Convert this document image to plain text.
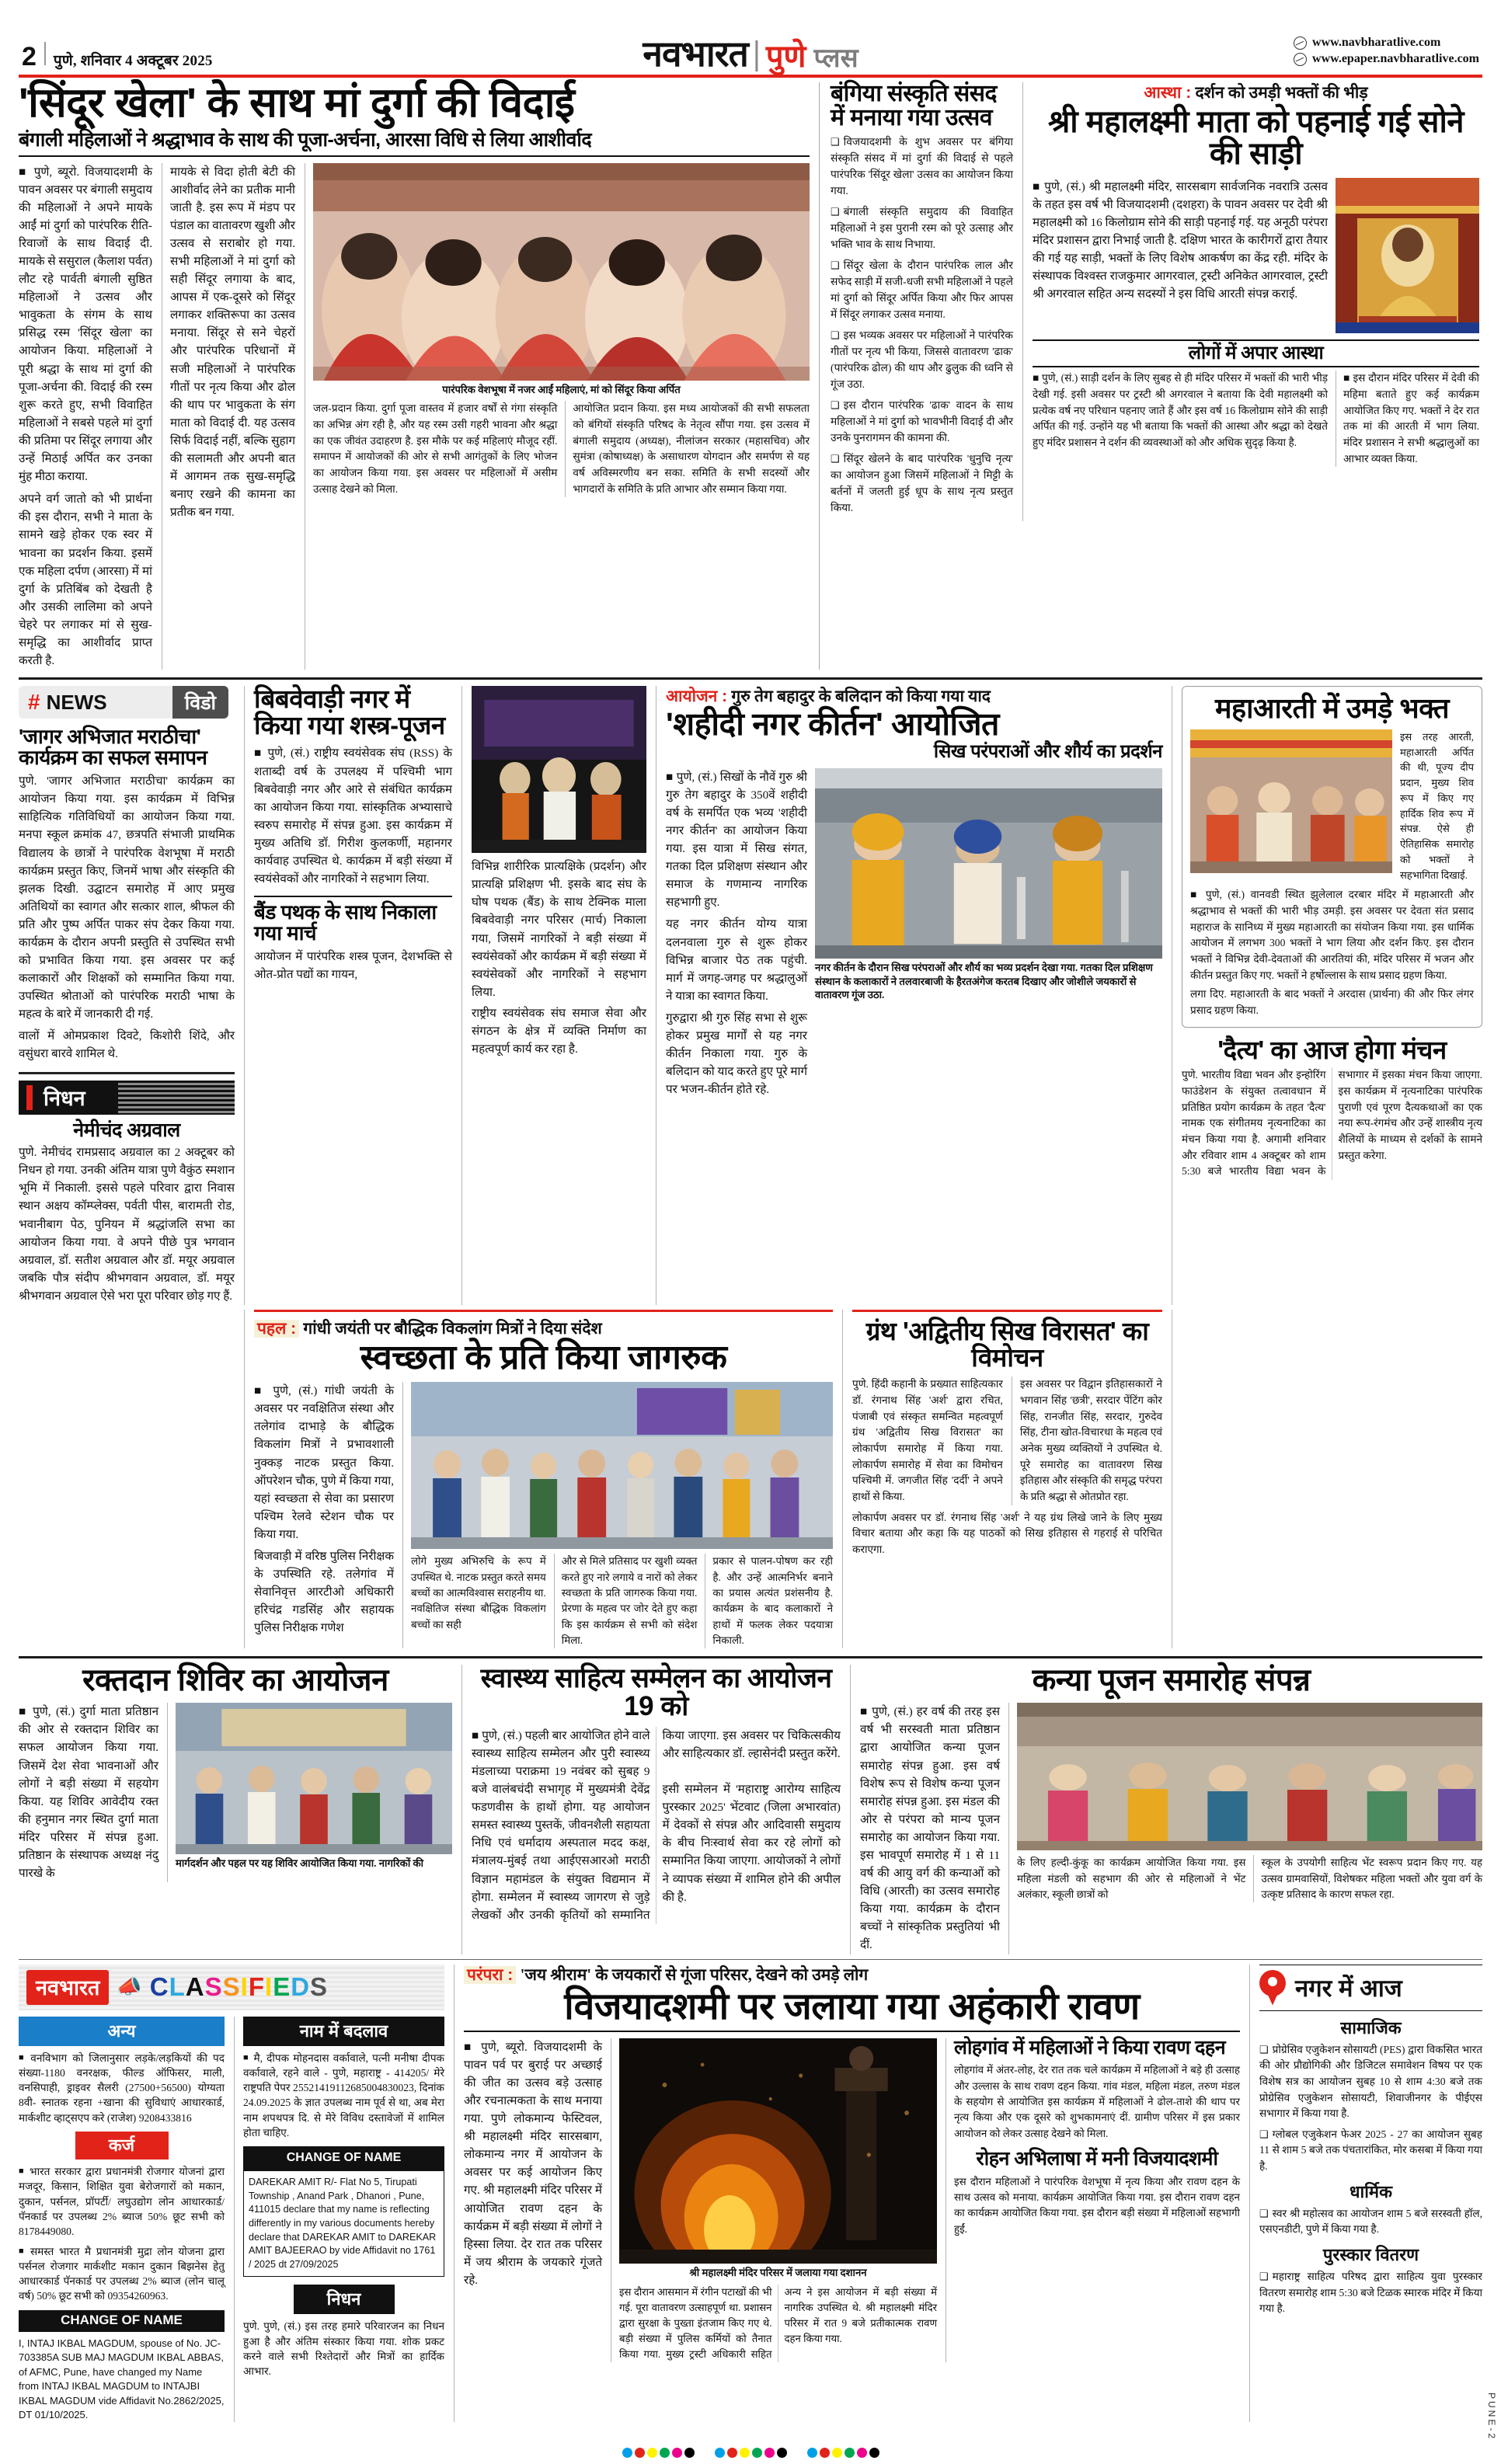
2 पुणे, शनिवार 4 अक्टूबर 2025	नवभारत पुणे प्लस
www.navbharatlive.com
www.epaper.navbharatlive.com
'सिंदूर खेला' के साथ मां दुर्गा की विदाई
बंगाली महिलाओं ने श्रद्धाभाव के साथ की पूजा-अर्चना, आरसा विधि से लिया आशीर्वाद
■ पुणे, ब्यूरो. विजयादशमी के पावन अवसर पर बंगाली समुदाय की महिलाओं ने अपने मायके आईं मां दुर्गा को पारंपरिक रीति-रिवाजों के साथ विदाई दी. मायके से ससुराल (कैलाश पर्वत) लौट रहे पार्वती बंगाली सुष्ठित महिलाओं ने उत्सव और भावुकता के संगम के साथ प्रसिद्ध रस्म 'सिंदूर खेला' का आयोजन किया. महिलाओं ने पूरी श्रद्धा के साथ मां दुर्गा की पूजा-अर्चना की. विदाई की रस्म शुरू करते हुए, सभी विवाहित महिलाओं ने सबसे पहले मां दुर्गा की प्रतिमा पर सिंदूर लगाया और उन्हें मिठाई अर्पित कर उनका मुंह मीठा कराया.
अपने वर्ग जातो को भी प्रार्थना की इस दौरान, सभी ने माता के सामने खड़े होकर एक स्वर में भावना का प्रदर्शन किया. इसमें एक महिला दर्पण (आरसा) में मां दुर्गा के प्रतिबिंब को देखती है और उसकी लालिमा को अपने चेहरे पर लगाकर मां से सुख-समृद्धि का आशीर्वाद प्राप्त करती है.
मायके से विदा होती बेटी की आशीर्वाद लेने का प्रतीक मानी जाती है. इस रूप में मंडप पर पंडाल का वातावरण खुशी और उत्सव से सराबोर हो गया. सभी महिलाओं ने मां दुर्गा को सही सिंदूर लगाया के बाद, आपस में एक-दूसरे को सिंदूर लगाकर शक्तिरूपा का उत्सव मनाया. सिंदूर से सने चेहरों और पारंपरिक परिधानों में सजी महिलाओं ने पारंपरिक गीतों पर नृत्य किया और ढोल की थाप पर भावुकता के संग माता को विदाई दी. यह उत्सव सिर्फ विदाई नहीं, बल्कि सुहाग की सलामती और अपनी बात में आगमन तक सुख-समृद्धि बनाए रखने की कामना का प्रतीक बन गया.
पारंपरिक वेशभूषा में नजर आईं महिलाएं, मां को सिंदूर किया अर्पित
जल-प्रदान किया. दुर्गा पूजा वास्तव में हजार वर्षों से गंगा संस्कृति का अभिन्न अंग रही है, और यह रस्म उसी गहरी भावना और श्रद्धा का एक जीवंत उदाहरण है. इस मौके पर कई महिलाएं मौजूद रहीं. समापन में आयोजकों की ओर से सभी आगंतुकों के लिए भोजन का आयोजन किया गया. इस अवसर पर महिलाओं में असीम उत्साह देखने को मिला.
आयोजित प्रदान किया. इस मध्य आयोजकों की सभी सफलता को बंगियों संस्कृति परिषद के नेतृत्व सौंपा गया. इस उत्सव में बंगाली समुदाय (अध्यक्ष), नीलांजन सरकार (महासचिव) और सुमंत्रा (कोषाध्यक्ष) के असाधारण योगदान और समर्पण से यह वर्ष अविस्मरणीय बन सका. समिति के सभी सदस्यों और भागदारों के समिति के प्रति आभार और सम्मान किया गया.
बंगिया संस्कृति संसद में मनाया गया उत्सव

❑ विजयादशमी के शुभ अवसर पर बंगिया संस्कृति संसद में मां दुर्गा की विदाई से पहले पारंपरिक 'सिंदूर खेला' उत्सव का आयोजन किया गया.

❑ बंगाली संस्कृति समुदाय की विवाहित महिलाओं ने इस पुरानी रस्म को पूरे उत्साह और भक्ति भाव के साथ निभाया.

❑ सिंदूर खेला के दौरान पारंपरिक लाल और सफेद साड़ी में सजी-धजी सभी महिलाओं ने पहले मां दुर्गा को सिंदूर अर्पित किया और फिर आपस में सिंदूर लगाकर उत्सव मनाया.

❑ इस भव्यक अवसर पर महिलाओं ने पारंपरिक गीतों पर नृत्य भी किया, जिससे वातावरण 'ढाक' (पारंपरिक ढोल) की थाप और ढुलुक की ध्वनि से गूंज उठा.

❑ इस दौरान पारंपरिक 'ढाक' वादन के साथ महिलाओं ने मां दुर्गा को भावभीनी विदाई दी और उनके पुनरागमन की कामना की.

❑ सिंदूर खेलने के बाद पारंपरिक 'धुनुचि नृत्य' का आयोजन हुआ जिसमें महिलाओं ने मिट्टी के बर्तनों में जलती हुई धूप के साथ नृत्य प्रस्तुत किया.

आस्था : दर्शन को उमड़ी भक्तों की भीड़
श्री महालक्ष्मी माता को पहनाई गई सोने की साड़ी
■ पुणे, (सं.) श्री महालक्ष्मी मंदिर, सारसबाग सार्वजनिक नवरात्रि उत्सव के तहत इस वर्ष भी विजयादशमी (दशहरा) के पावन अवसर पर देवी श्री महालक्ष्मी को 16 किलोग्राम सोने की साड़ी पहनाई गई. यह अनूठी परंपरा मंदिर प्रशासन द्वारा निभाई जाती है. दक्षिण भारत के कारीगरों द्वारा तैयार की गई यह साड़ी, भक्तों के लिए विशेष आकर्षण का केंद्र रही. मंदिर के संस्थापक विश्वस्त राजकुमार आगरवाल, ट्रस्टी अनिकेत आगरवाल, ट्रस्टी श्री अगरवाल सहित अन्य सदस्यों ने इस विधि आरती संपन्न कराई.
लोगों में अपार आस्था
■ पुणे, (सं.) साड़ी दर्शन के लिए सुबह से ही मंदिर परिसर में भक्तों की भारी भीड़ देखी गई. इसी अवसर पर ट्रस्टी श्री अगरवाल ने बताया कि देवी महालक्ष्मी को प्रत्येक वर्ष नए परिधान पहनाए जाते हैं और इस वर्ष 16 किलोग्राम सोने की साड़ी अर्पित की गई. उन्होंने यह भी बताया कि भक्तों की आस्था और श्रद्धा को देखते हुए मंदिर प्रशासन ने दर्शन की व्यवस्थाओं को और अधिक सुदृढ़ किया है.
■ इस दौरान मंदिर परिसर में देवी की महिमा बताते हुए कई कार्यक्रम आयोजित किए गए. भक्तों ने देर रात तक मां की आरती में भाग लिया. मंदिर प्रशासन ने सभी श्रद्धालुओं का आभार व्यक्त किया.
# NEWS	विडो
'जागर अभिजात मराठीचा' कार्यक्रम का सफल समापन
पुणे. 'जागर अभिजात मराठीचा' कार्यक्रम का आयोजन किया गया. इस कार्यक्रम में विभिन्न साहित्यिक गतिविधियों का आयोजन किया गया. मनपा स्कूल क्रमांक 47, छत्रपति संभाजी प्राथमिक विद्यालय के छात्रों ने पारंपरिक वेशभूषा में मराठी कार्यक्रम प्रस्तुत किए, जिनमें भाषा और संस्कृति की झलक दिखी. उद्घाटन समारोह में आए प्रमुख अतिथियों का स्वागत और सत्कार शाल, श्रीफल की प्रति और पुष्प अर्पित पाकर संप देकर किया गया. कार्यक्रम के दौरान अपनी प्रस्तुति से उपस्थित सभी को प्रभावित किया गया. इस अवसर पर कई कलाकारों और शिक्षकों को सम्मानित किया गया. उपस्थित श्रोताओं को पारंपरिक मराठी भाषा के महत्व के बारे में जानकारी दी गई.
वालों में ओमप्रकाश दिवटे, किशोरी शिंदे, और वसुंधरा बारवे शामिल थे.
निधन
नेमीचंद अग्रवाल
पुणे. नेमीचंद रामप्रसाद अग्रवाल का 2 अक्टूबर को निधन हो गया. उनकी अंतिम यात्रा पुणे वैकुंठ स्मशान भूमि में निकाली. इससे पहले परिवार द्वारा निवास स्थान अक्षय कॉम्प्लेक्स, पर्वती पीस, बारामती रोड, भवानीबाग पेठ, पुनियन में श्रद्धांजलि सभा का आयोजन किया गया. वे अपने पीछे पुत्र भगवान अग्रवाल, डॉ. सतीश अग्रवाल और डॉ. मयूर अग्रवाल जबकि पौत्र संदीप श्रीभगवान अग्रवाल, डॉ. मयूर श्रीभगवान अग्रवाल ऐसे भरा पूरा परिवार छोड़ गए हैं.
बिबवेवाड़ी नगर में किया गया शस्त्र-पूजन
■ पुणे, (सं.) राष्ट्रीय स्वयंसेवक संघ (RSS) के शताब्दी वर्ष के उपलक्ष्य में पश्चिमी भाग बिबवेवाड़ी नगर और आरे से संबंधित कार्यक्रम का आयोजन किया गया. सांस्कृतिक अभ्यासाचे स्वरुप समारोह में संपन्न हुआ. इस कार्यक्रम में मुख्य अतिथि डॉ. गिरीश कुलकर्णी, महानगर कार्यवाह उपस्थित थे. कार्यक्रम में बड़ी संख्या में स्वयंसेवकों और नागरिकों ने सहभाग लिया.
बैंड पथक के साथ निकाला गया मार्च
आयोजन में पारंपरिक शस्त्र पूजन, देशभक्ति से ओत-प्रोत पद्यों का गायन,
विभिन्न शारीरिक प्रात्यक्षिके (प्रदर्शन) और प्रात्यक्षि प्रशिक्षण भी. इसके बाद संघ के घोष पथक (बैंड) के साथ टेक्निक माला बिबवेवाड़ी नगर परिसर (मार्च) निकाला गया, जिसमें नागरिकों ने बड़ी संख्या में स्वयंसेवकों और कार्यक्रम में बड़ी संख्या में स्वयंसेवकों और नागरिकों ने सहभाग लिया.
राष्ट्रीय स्वयंसेवक संघ समाज सेवा और संगठन के क्षेत्र में व्यक्ति निर्माण का महत्वपूर्ण कार्य कर रहा है.
आयोजन : गुरु तेग बहादुर के बलिदान को किया गया याद
'शहीदी नगर कीर्तन' आयोजित
सिख परंपराओं और शौर्य का प्रदर्शन
■ पुणे, (सं.) सिखों के नौवें गुरु श्री गुरु तेग बहादुर के 350वें शहीदी वर्ष के समर्पित एक भव्य 'शहीदी नगर कीर्तन' का आयोजन किया गया. इस यात्रा में सिख संगत, गतका दिल प्रशिक्षण संस्थान और समाज के गणमान्य नागरिक सहभागी हुए.
यह नगर कीर्तन योग्य यात्रा दलनवाला गुरु से शुरू होकर विभिन्न बाजार पेठ तक पहुंची. मार्ग में जगह-जगह पर श्रद्धालुओं ने यात्रा का स्वागत किया.
गुरुद्वारा श्री गुरु सिंह सभा से शुरू होकर प्रमुख मार्गों से यह नगर कीर्तन निकाला गया. गुरु के बलिदान को याद करते हुए पूरे मार्ग पर भजन-कीर्तन होते रहे.
नगर कीर्तन के दौरान सिख परंपराओं और शौर्य का भव्य प्रदर्शन देखा गया. गतका दिल प्रशिक्षण संस्थान के कलाकारों ने तलवारबाजी के हैरतअंगेज करतब दिखाए और जोशीले जयकारों से वातावरण गूंज उठा.
महाआरती में उमड़े भक्त
इस तरह आरती, महाआरती अर्पित की थी, पूज्य दीप प्रदान, मुख्य शिव रूप में किए गए हार्दिक शिव रूप में संपन्न. ऐसे ही ऐतिहासिक समारोह को भक्तों ने सहभागिता दिखाई.
■ पुणे, (सं.) वानवडी स्थित झुलेलाल दरबार मंदिर में महाआरती और श्रद्धाभाव से भक्तों की भारी भीड़ उमड़ी. इस अवसर पर देवता संत प्रसाद महाराज के सानिध्य में मुख्य महाआरती का संयोजन किया गया. इस धार्मिक आयोजन में लगभग 300 भक्तों ने भाग लिया और दर्शन किए. इस दौरान भक्तों ने विभिन्न देवी-देवताओं की आरतियां की, मंदिर परिसर में भजन और कीर्तन प्रस्तुत किए गए. भक्तों ने हर्षोल्लास के साथ प्रसाद ग्रहण किया.
लगा दिए. महाआरती के बाद भक्तों ने अरदास (प्रार्थना) की और फिर लंगर प्रसाद ग्रहण किया.
'दैत्य' का आज होगा मंचन
पुणे. भारतीय विद्या भवन और इन्होरिंग फाउंडेशन के संयुक्त तत्वावधान में प्रतिष्ठित प्रयोग कार्यक्रम के तहत 'दैत्य' नामक एक संगीतमय नृत्यनाटिका का मंचन किया गया है. अगामी शनिवार और रविवार शाम 4 अक्टूबर को शाम 5:30 बजे भारतीय विद्या भवन के सभागार में इसका मंचन किया जाएगा. इस कार्यक्रम में नृत्यनाटिका पारंपरिक पुराणी एवं पूरण दैत्यकथाओं का एक नया रूप-रंगमंच और उन्हें शास्त्रीय नृत्य शैलियों के माध्यम से दर्शकों के सामने प्रस्तुत करेगा.
पहल : गांधी जयंती पर बौद्धिक विकलांग मित्रों ने दिया संदेश
स्वच्छता के प्रति किया जागरुक
■ पुणे, (सं.) गांधी जयंती के अवसर पर नवक्षितिज संस्था और तलेगांव दाभाड़े के बौद्धिक विकलांग मित्रों ने प्रभावशाली नुक्कड़ नाटक प्रस्तुत किया. ऑपरेशन चौक, पुणे में किया गया, यहां स्वच्छता से सेवा का प्रसारण पश्चिम रेलवे स्टेशन चौक पर किया गया.
बिजवाड़ी में वरिष्ठ पुलिस निरीक्षक के उपस्थिति रहे. तलेगांव में सेवानिवृत्त आरटीओ अधिकारी हरिचंद्र गडसिंह और सहायक पुलिस निरीक्षक गणेश
लोगे मुख्य अभिरुचि के रूप में उपस्थित थे. नाटक प्रस्तुत करते समय बच्चों का आत्मविश्वास सराहनीय था. नवक्षितिज संस्था बौद्धिक विकलांग बच्चों का सही
और से मिले प्रतिसाद पर खुशी व्यक्त करते हुए नारे लगाये व नारों को लेकर स्वच्छता के प्रति जागरुक किया गया. प्रेरणा के महत्व पर जोर देते हुए कहा कि इस कार्यक्रम से सभी को संदेश मिला.
प्रकार से पालन-पोषण कर रही है. और उन्हें आत्मनिर्भर बनाने का प्रयास अत्यंत प्रशंसनीय है. कार्यक्रम के बाद कलाकारों ने हाथों में फलक लेकर पदयात्रा निकाली.
ग्रंथ 'अद्वितीय सिख विरासत' का विमोचन
पुणे. हिंदी कहानी के प्रख्यात साहित्यकार डॉ. रंगनाथ सिंह 'अर्श' द्वारा रचित, पंजाबी एवं संस्कृत समन्वित महत्वपूर्ण ग्रंथ 'अद्वितीय सिख विरासत' का लोकार्पण समारोह में किया गया. लोकार्पण समारोह में सेवा का विमोचन पश्चिमी में. जगजीत सिंह 'दर्दी' ने अपने हाथों से किया.
इस अवसर पर विद्वान इतिहासकारों ने भगवान सिंह 'छत्री', सरदार पेंटिंग कोर सिंह, रानजीत सिंह, सरदार, गुरुदेव सिंह, टीना खोत-विचारधा के महत्व एवं अनेक मुख्य व्यक्तियों ने उपस्थित थे. पूरे समारोह का वातावरण सिख इतिहास और संस्कृति की समृद्ध परंपरा के प्रति श्रद्धा से ओतप्रोत रहा.
लोकार्पण अवसर पर डॉ. रंगनाथ सिंह 'अर्श' ने यह ग्रंथ लिखे जाने के लिए मुख्य विचार बताया और कहा कि यह पाठकों को सिख इतिहास से गहराई से परिचित कराएगा.
रक्तदान शिविर का आयोजन
■ पुणे, (सं.) दुर्गा माता प्रतिष्ठान की ओर से रक्तदान शिविर का सफल आयोजन किया गया. जिसमें देश सेवा भावनाओं और लोगों ने बड़ी संख्या में सहयोग किया. यह शिविर आवेदीय रक्त की हनुमान नगर स्थित दुर्गा माता मंदिर परिसर में संपन्न हुआ. प्रतिष्ठान के संस्थापक अध्यक्ष नंदु पारखे के
मार्गदर्शन और पहल पर यह शिविर आयोजित किया गया. नागरिकों की
स्वास्थ्य साहित्य सम्मेलन का आयोजन 19 को
■ पुणे, (सं.) पहली बार आयोजित होने वाले स्वास्थ्य साहित्य सम्मेलन और पुरी स्वास्थ्य मंडलाच्या पराक्रमा 19 नवंबर को सुबह 9 बजे वालंबचंदी सभागृह में मुख्यमंत्री देवेंद्र फडणवीस के हाथों होगा. यह आयोजन समस्त स्वास्थ्य पुस्तकें, जीवनशैली सहायता निधि एवं धर्मादाय अस्पताल मदद कक्ष, मंत्रालय-मुंबई तथा आईएसआरओ मराठी विज्ञान महामंडल के संयुक्त विद्यमान में होगा. सम्मेलन में स्वास्थ्य जागरण से जुड़े लेखकों और उनकी कृतियों को सम्मानित किया जाएगा. इस अवसर पर चिकित्सकीय और साहित्यकार डॉ. ल्हासेनंदी प्रस्तुत करेंगे.

इसी सम्मेलन में 'महाराष्ट्र आरोग्य साहित्य पुरस्कार 2025' भेंटवाट (जिला अभारवांत) में देवकों से संपन्न और आदिवासी समुदाय के बीच निःस्वार्थ सेवा कर रहे लोगों को सम्मानित किया जाएगा. आयोजकों ने लोगों ने व्यापक संख्या में शामिल होने की अपील की है.
कन्या पूजन समारोह संपन्न
■ पुणे, (सं.) हर वर्ष की तरह इस वर्ष भी सरस्वती माता प्रतिष्ठान द्वारा आयोजित कन्या पूजन समारोह संपन्न हुआ. इस वर्ष विशेष रूप से विशेष कन्या पूजन समारोह संपन्न हुआ. इस मंडल की ओर से परंपरा को मान्य पूजन समारोह का आयोजन किया गया. इस भावपूर्ण समारोह में 1 से 11 वर्ष की आयु वर्ग की कन्याओं को विधि (आरती) का उत्सव समारोह किया गया. कार्यक्रम के दौरान बच्चों ने सांस्कृतिक प्रस्तुतियां भी दीं.
के लिए हल्दी-कुंकू का कार्यक्रम आयोजित किया गया. इस महिला मंडली को सहभाग की ओर से महिलाओं ने भेंट अलंकार, स्कूली छात्रों को
स्कूल के उपयोगी साहित्य भेंट स्वरूप प्रदान किए गए. यह उत्सव ग्रामवासियों, विशेषकर महिला भक्तों और युवा वर्ग के उत्कृष्ट प्रतिसाद के कारण सफल रहा.
नवभारत 📣 CLASSIFIEDS
अन्य
■ वनविभाग को जिलानुसार लड़के/लड़कियों की पद संख्या-1180 वनरक्षक, फील्ड ऑफिसर, माली, वनसिपाही, ड्राइवर सैलरी (27500+56500) योग्यता 8वी- स्नातक रहना +खाना की सुविधाएं आधारकार्ड, मार्कशीट व्हाट्सएप करे (राजेश) 9208433816
कर्ज
■ भारत सरकार द्वारा प्रधानमंत्री रोजगार योजनां द्वारा मजदूर, किसान, शिक्षित युवा बेरोजगारों को मकान, दुकान, पर्सनल, प्रॉपर्टी/ लघुउद्योग लोन आधारकार्ड/पॅनकार्ड पर उपलब्ध 2% ब्याज 50% छूट सभी को 8178449080.
■ समस्त भारत मै प्रधानमंत्री मुद्रा लोन योजना द्वारा पर्सनल रोजगार मार्कशीट मकान दुकान बिझनेस हेतु आधारकार्ड पॅनकार्ड पर उपलब्ध 2% ब्याज (लोन चालू वर्ष) 50% छूट सभी को 09354260963.
CHANGE OF NAME
I, INTAJ IKBAL MAGDUM, spouse of No. JC-703385A SUB MAJ MAGDUM IKBAL ABBAS, of AFMC, Pune, have changed my Name from INTAJ IKBAL MAGDUM to INTAJBI IKBAL MAGDUM vide Affidavit No.2862/2025, DT 01/10/2025.
नाम में बदलाव
■ मै, दीपक मोहनदास वर्कावाले, पत्नी मनीषा दीपक वर्कावाले, रहने वाले - पुणे, महाराष्ट्र - 414205/ मेरे राष्ट्रपति पेपर 25521419112685004830023, दिनांक 24.09.2025 के ज्ञात उपलब्ध नाम पूर्व से था, अब मेरा नाम शपथपत्र दि. से मेरे विविध दस्तावेजों में शामिल होता चाहिए.
CHANGE OF NAME
DAREKAR AMIT R/- Flat No 5, Tirupati Township , Anand Park , Dhanori , Pune, 411015 declare that my name is reflecting differently in my various documents hereby declare that DAREKAR AMIT to DAREKAR AMIT BAJEERAO by vide Affidavit no 1761 / 2025 dt 27/09/2025
निधन
पुणे. पुणे, (सं.) इस तरह हमारे परिवारजन का निधन हुआ है और अंतिम संस्कार किया गया. शोक प्रकट करने वाले सभी रिश्तेदारों और मित्रों का हार्दिक आभार.
परंपरा : 'जय श्रीराम' के जयकारों से गूंजा परिसर, देखने को उमड़े लोग
विजयादशमी पर जलाया गया अहंकारी रावण
■ पुणे, ब्यूरो. विजयादशमी के पावन पर्व पर बुराई पर अच्छाई की जीत का उत्सव बड़े उत्साह और रचनात्मकता के साथ मनाया गया. पुणे लोकमान्य फेस्टिवल, श्री महालक्ष्मी मंदिर सारसबाग, लोकमान्य नगर में आयोजन के अवसर पर कई आयोजन किए गए. श्री महालक्ष्मी मंदिर परिसर में आयोजित रावण दहन के कार्यक्रम में बड़ी संख्या में लोगों ने हिस्सा लिया. देर रात तक परिसर में जय श्रीराम के जयकारे गूंजते रहे.
श्री महालक्ष्मी मंदिर परिसर में जलाया गया दशानन
इस दौरान आसमान में रंगीन पटाखों की भी गई. पूरा वातावरण उत्साहपूर्ण था. प्रशासन द्वारा सुरक्षा के पुख्ता इंतजाम किए गए थे. बड़ी संख्या में पुलिस कर्मियों को तैनात किया गया. मुख्य ट्रस्टी अधिकारी सहित अन्य ने इस आयोजन में बड़ी संख्या में नागरिक उपस्थित थे. श्री महालक्ष्मी मंदिर परिसर में रात 9 बजे प्रतीकात्मक रावण दहन किया गया.
लोहगांव में महिलाओं ने किया रावण दहन
लोहगांव में अंतर-लोह, देर रात तक चले कार्यक्रम में महिलाओं ने बड़े ही उत्साह और उल्लास के साथ रावण दहन किया. गांव मंडल, महिला मंडल, तरुण मंडल के सहयोग से आयोजित इस कार्यक्रम में महिलाओं ने ढोल-ताशे की थाप पर नृत्य किया और एक दूसरे को शुभकामनाएं दीं. ग्रामीण परिसर में इस प्रकार आयोजन को लेकर उत्साह देखने को मिला.
रोहन अभिलाषा में मनी विजयादशमी
इस दौरान महिलाओं ने पारंपरिक वेशभूषा में नृत्य किया और रावण दहन के साथ उत्सव को मनाया. कार्यक्रम आयोजित किया गया. इस दौरान रावण दहन का कार्यक्रम आयोजित किया गया. इस दौरान बड़ी संख्या में महिलाओं सहभागी हुईं.
नगर में आज
सामाजिक
❑ प्रोग्रेसिव एजुकेशन सोसायटी (PES) द्वारा विकसित भारत की ओर प्रौद्योगिकी और डिजिटल समावेशन विषय पर एक विशेष सत्र का आयोजन सुबह 10 से शाम 4:30 बजे तक प्रोग्रेसिव एजुकेशन सोसायटी, शिवाजीनगर के पीईएस सभागार में किया गया है.
❑ ग्लोबल एजुकेशन फेअर 2025 - 27 का आयोजन सुबह 11 से शाम 5 बजे तक पंचतारांकित, मोर कसबा में किया गया है.
धार्मिक
❑ स्वर श्री महोत्सव का आयोजन शाम 5 बजे सरस्वती हॉल, एसएनडीटी, पुणे में किया गया है.
पुरस्कार वितरण
❑ महाराष्ट्र साहित्य परिषद द्वारा साहित्य युवा पुरस्कार वितरण समारोह शाम 5:30 बजे टिळक स्मारक मंदिर में किया गया है.
PUNE-2
